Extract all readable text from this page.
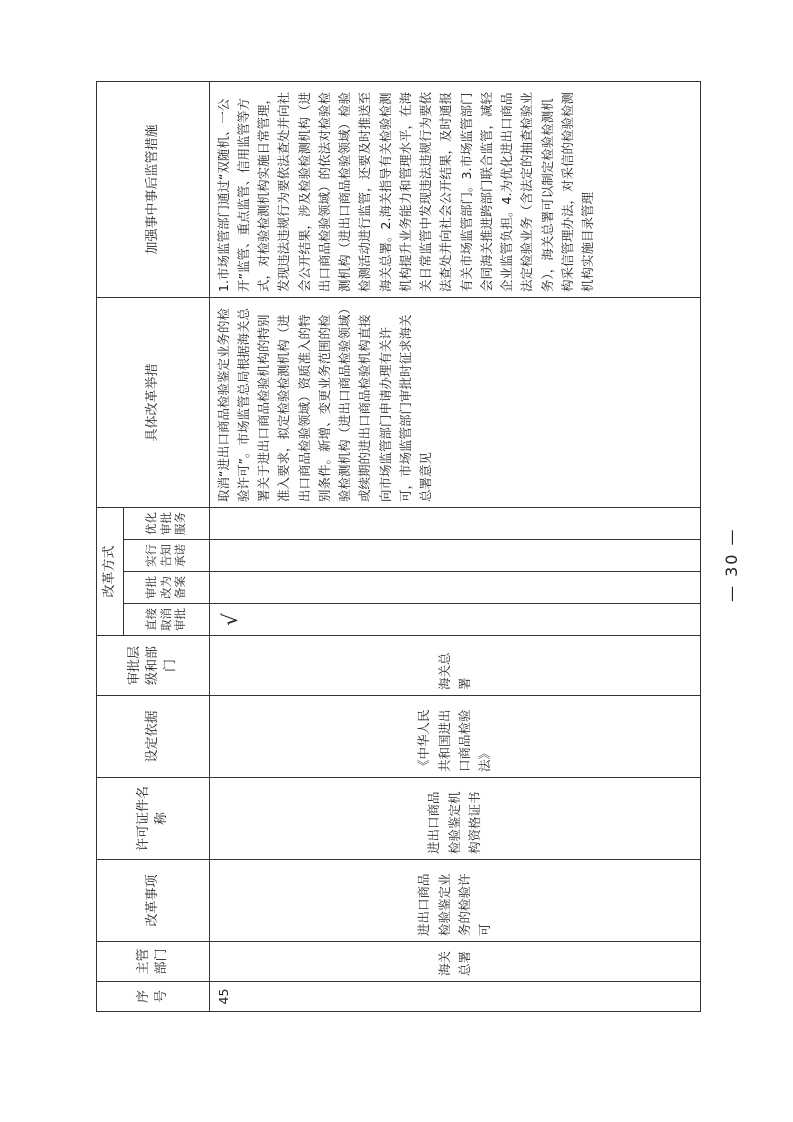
序号	主管部门	改革事项	许可证件名称	设定依据	审批层级和部门	改革方式				具体改革举措	加强事中事后监管措施
						直接取消审批	审批改为备案	实行告知承诺	优化审批服务		
45	海关总署	进出口商品检验鉴定业务的检验许可	进出口商品检验鉴定机构资格证书	《中华人民共和国进出口商品检验法》	海关总署	√				取消“进出口商品检验鉴定业务的检验许可”。市场监管总局根据海关总署关于进出口商品检验机构的特别准入要求，拟定检验检测机构（进出口商品检验领域）资质准入的特别条件。新增、变更业务范围的检验检测机构（进出口商品检验领域）或续期的进出口商品检验机构直接向市场监管部门申请办理有关许可，市场监管部门审批时征求海关总署意见	1.市场监管部门通过“双随机、一公开”监管、重点监管、信用监管等方式，对检验检测机构实施日常管理，发现违法违规行为要依法查处并向社会公开结果，涉及检验检测机构（进出口商品检验领域）的依法对检验检测机构（进出口商品检验领域）检验检测活动进行监管，还要及时推送至海关总署。2.海关指导有关检验检测机构提升业务能力和管理水平，在海关日常监管中发现违法违规行为要依法查处并向社会公开结果，及时通报有关市场监管部门。3.市场监管部门会同海关推进跨部门联合监管，减轻企业监管负担。4.为优化进出口商品法定检验业务（含法定的抽查检验业务），海关总署可以制定检验检测机构采信管理办法，对采信的检验检测机构实施目录管理
— 30 —
